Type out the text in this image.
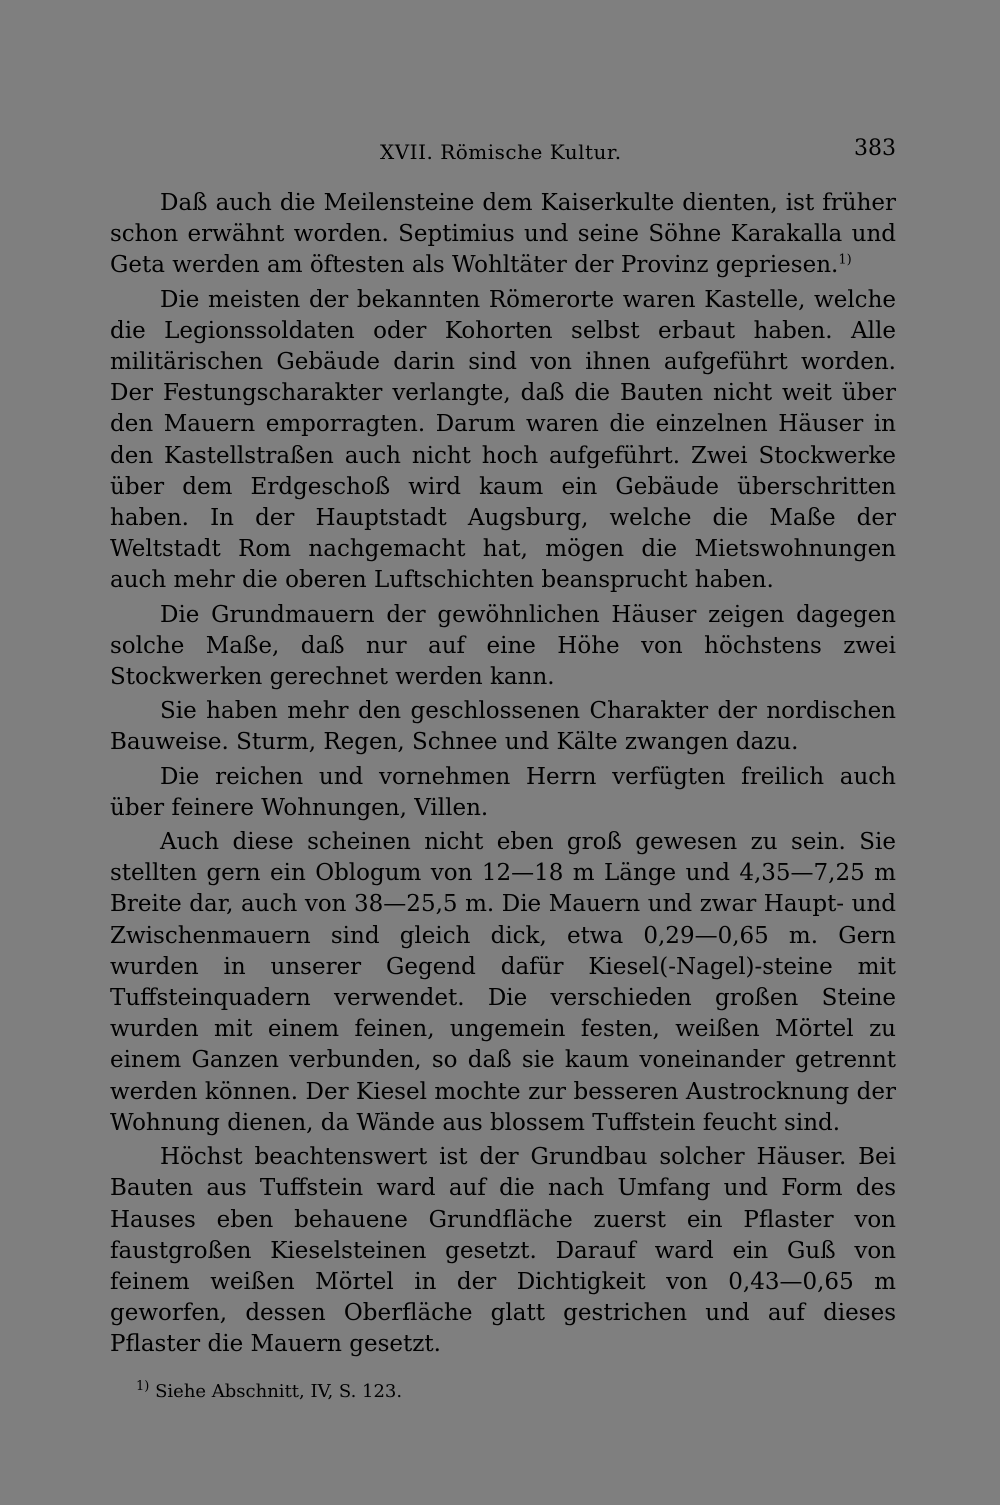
XVII. Römische Kultur.	383

Daß auch die Meilensteine dem Kaiserkulte dienten, ist früher schon erwähnt worden. Septimius und seine Söhne Karakalla und Geta werden am öftesten als Wohltäter der Provinz gepriesen.$^{1)}$

Die meisten der bekannten Römerorte waren Kastelle, welche die Legionssoldaten oder Kohorten selbst erbaut haben. Alle militärischen Gebäude darin sind von ihnen aufgeführt worden. Der Festungscharakter verlangte, daß die Bauten nicht weit über den Mauern emporragten. Darum waren die einzelnen Häuser in den Kastellstraßen auch nicht hoch aufgeführt. Zwei Stockwerke über dem Erdgeschoß wird kaum ein Gebäude überschritten haben. In der Hauptstadt Augsburg, welche die Maße der Weltstadt Rom nachgemacht hat, mögen die Mietswohnungen auch mehr die oberen Luftschichten beansprucht haben.

Die Grundmauern der gewöhnlichen Häuser zeigen dagegen solche Maße, daß nur auf eine Höhe von höchstens zwei Stockwerken gerechnet werden kann.

Sie haben mehr den geschlossenen Charakter der nordischen Bauweise. Sturm, Regen, Schnee und Kälte zwangen dazu.

Die reichen und vornehmen Herrn verfügten freilich auch über feinere Wohnungen, Villen.

Auch diese scheinen nicht eben groß gewesen zu sein. Sie stellten gern ein Oblogum von 12—18 m Länge und 4,35—7,25 m Breite dar, auch von 38—25,5 m. Die Mauern und zwar Haupt- und Zwischenmauern sind gleich dick, etwa 0,29—0,65 m. Gern wurden in unserer Gegend dafür Kiesel(-Nagel)-steine mit Tuffsteinquadern verwendet. Die verschieden großen Steine wurden mit einem feinen, ungemein festen, weißen Mörtel zu einem Ganzen verbunden, so daß sie kaum voneinander getrennt werden können. Der Kiesel mochte zur besseren Austrocknung der Wohnung dienen, da Wände aus blossem Tuffstein feucht sind.

Höchst beachtenswert ist der Grundbau solcher Häuser. Bei Bauten aus Tuffstein ward auf die nach Umfang und Form des Hauses eben behauene Grundfläche zuerst ein Pflaster von faustgroßen Kieselsteinen gesetzt. Darauf ward ein Guß von feinem weißen Mörtel in der Dichtigkeit von 0,43—0,65 m geworfen, dessen Oberfläche glatt gestrichen und auf dieses Pflaster die Mauern gesetzt.

$^{1)}$ Siehe Abschnitt, IV, S. 123.
